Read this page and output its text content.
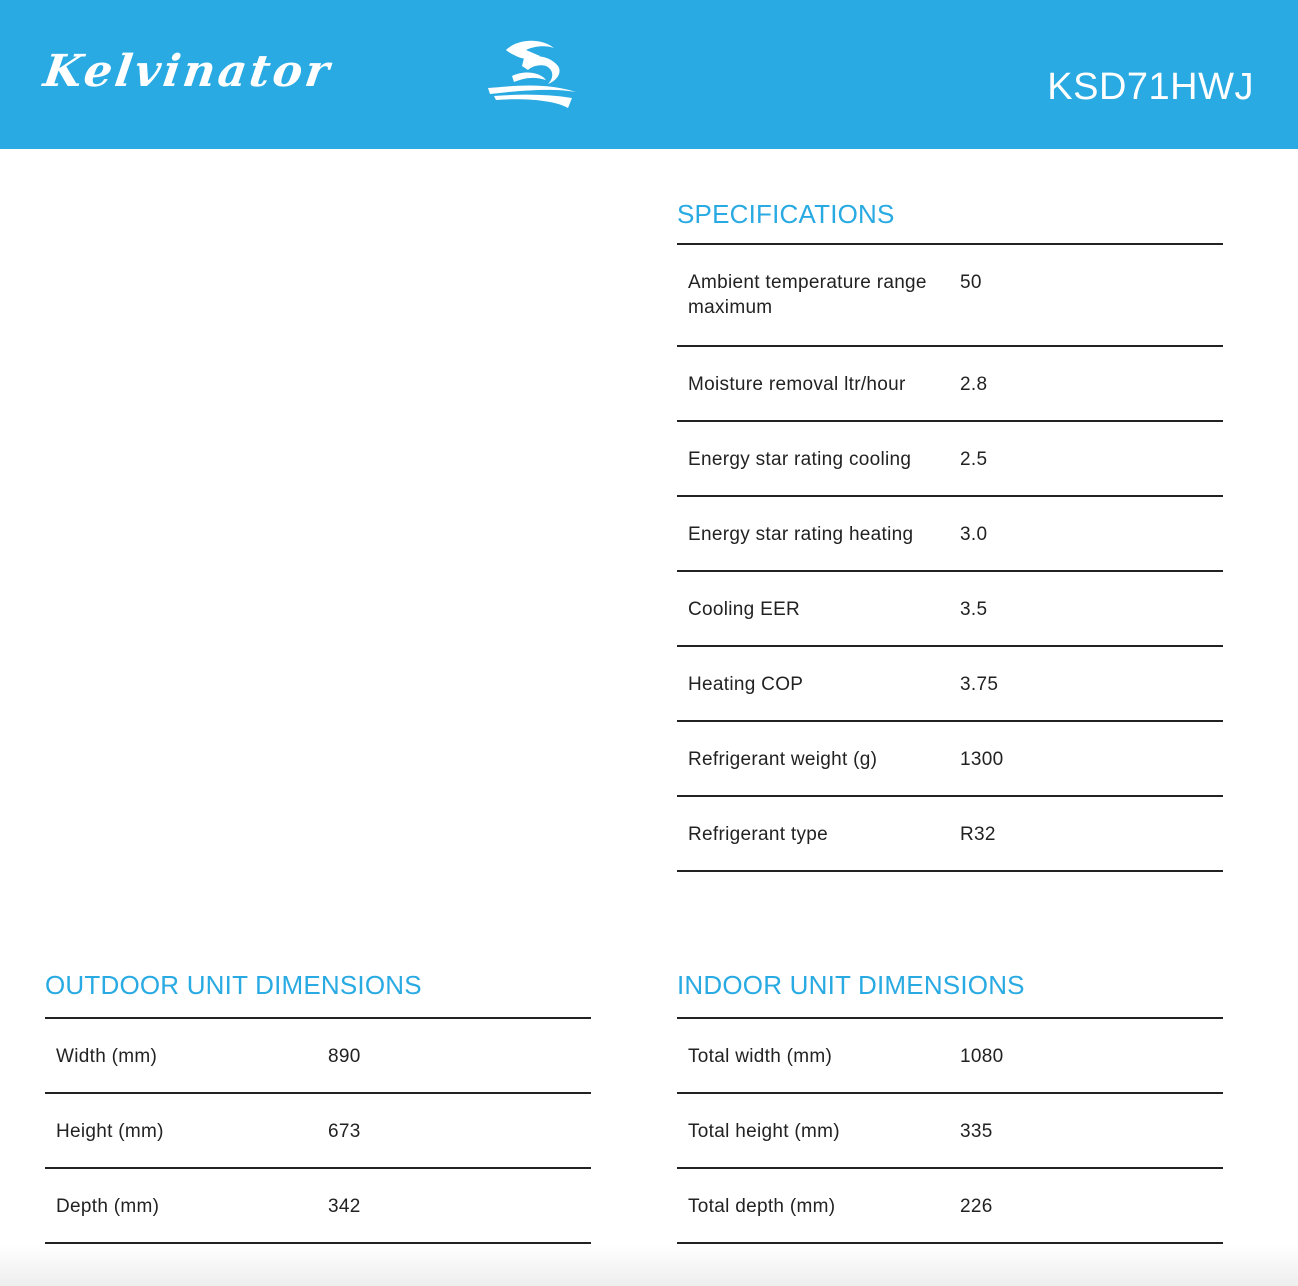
Kelvinator	KSD71HWJ
SPECIFICATIONS
Ambient temperature range maximum
50
Moisture removal ltr/hour	2.8
Energy star rating cooling	2.5
Energy star rating heating	3.0
Cooling EER	3.5
Heating COP	3.75
Refrigerant weight (g)	1300
Refrigerant type	R32
OUTDOOR UNIT DIMENSIONS
Width (mm)	890
Height (mm)	673
Depth (mm)	342
INDOOR UNIT DIMENSIONS
Total width (mm)	1080
Total height (mm)	335
Total depth (mm)	226
